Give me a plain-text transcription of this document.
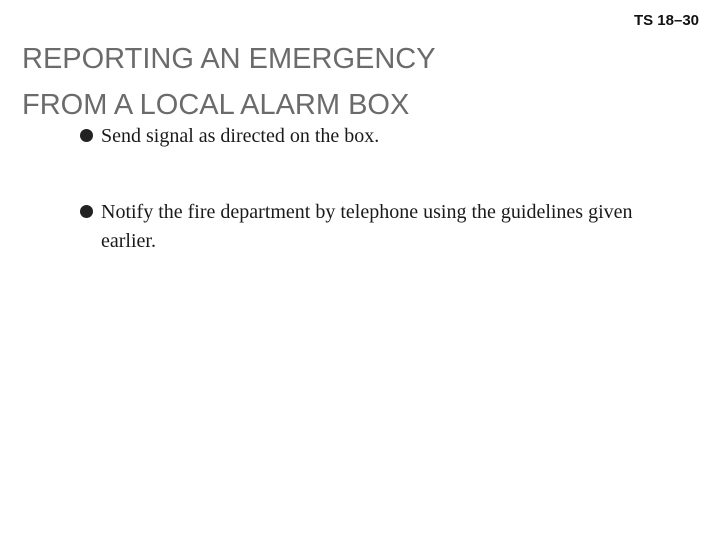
TS 18–30
REPORTING AN EMERGENCY
FROM A LOCAL ALARM BOX
Send signal as directed on the box.
Notify the fire department by telephone using the guidelines given earlier.
